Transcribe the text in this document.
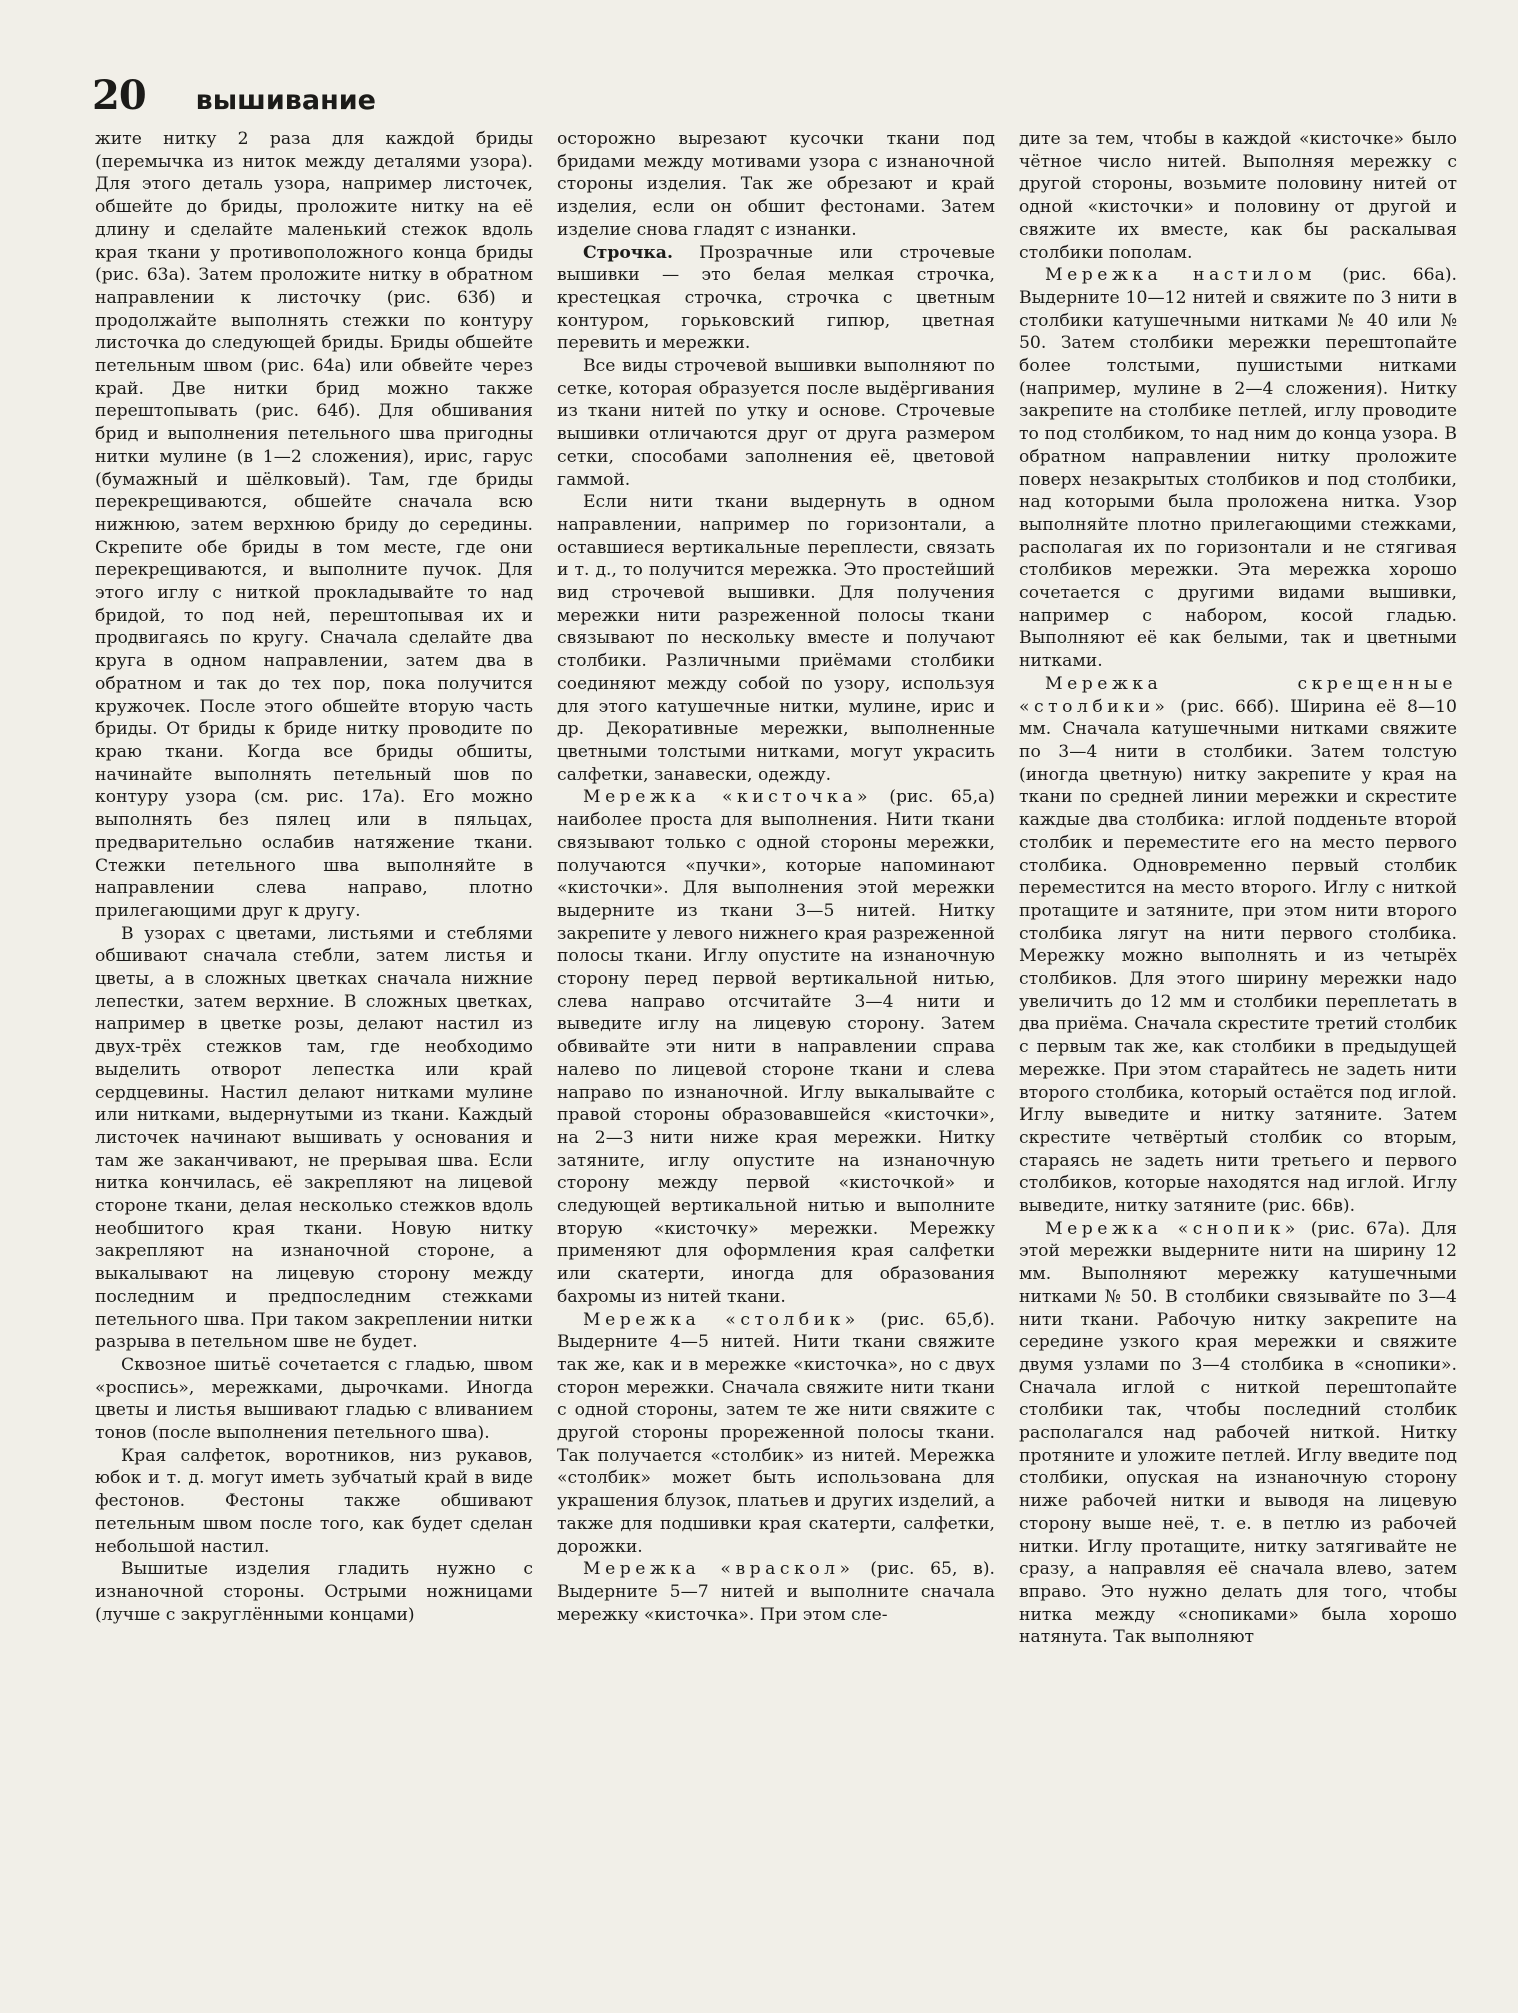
20 вышивание

жите нитку 2 раза для каждой бриды (перемычка из ниток между деталями узора). Для этого деталь узора, например листочек, обшейте до бриды, проложите нитку на её длину и сделайте маленький стежок вдоль края ткани у противоположного конца бриды (рис. 63а). Затем проложите нитку в обратном направлении к листочку (рис. 63б) и продолжайте выполнять стежки по контуру листочка до следующей бриды. Бриды обшейте петельным швом (рис. 64а) или обвейте через край. Две нитки брид можно также перештопывать (рис. 64б). Для обшивания брид и выполнения петельного шва пригодны нитки мулине (в 1—2 сложения), ирис, гарус (бумажный и шёлковый). Там, где бриды перекрещиваются, обшейте сначала всю нижнюю, затем верхнюю бриду до середины. Скрепите обе бриды в том месте, где они перекрещиваются, и выполните пучок. Для этого иглу с ниткой прокладывайте то над бридой, то под ней, перештопывая их и продвигаясь по кругу. Сначала сделайте два круга в одном направлении, затем два в обратном и так до тех пор, пока получится кружочек. После этого обшейте вторую часть бриды. От бриды к бриде нитку проводите по краю ткани. Когда все бриды обшиты, начинайте выполнять петельный шов по контуру узора (см. рис. 17а). Его можно выполнять без пялец или в пяльцах, предварительно ослабив натяжение ткани. Стежки петельного шва выполняйте в направлении слева направо, плотно прилегающими друг к другу.

В узорах с цветами, листьями и стеблями обшивают сначала стебли, затем листья и цветы, а в сложных цветках сначала нижние лепестки, затем верхние. В сложных цветках, например в цветке розы, делают настил из двух-трёх стежков там, где необходимо выделить отворот лепестка или край сердцевины. Настил делают нитками мулине или нитками, выдернутыми из ткани. Каждый листочек начинают вышивать у основания и там же заканчивают, не прерывая шва. Если нитка кончилась, её закрепляют на лицевой стороне ткани, делая несколько стежков вдоль необшитого края ткани. Новую нитку закрепляют на изнаночной стороне, а выкалывают на лицевую сторону между последним и предпоследним стежками петельного шва. При таком закреплении нитки разрыва в петельном шве не будет.

Сквозное шитьё сочетается с гладью, швом «роспись», мережками, дырочками. Иногда цветы и листья вышивают гладью с вливанием тонов (после выполнения петельного шва).

Края салфеток, воротников, низ рукавов, юбок и т. д. могут иметь зубчатый край в виде фестонов. Фестоны также обшивают петельным швом после того, как будет сделан небольшой настил.

Вышитые изделия гладить нужно с изнаночной стороны. Острыми ножницами (лучше с закруглёнными концами)

осторожно вырезают кусочки ткани под бридами между мотивами узора с изнаночной стороны изделия. Так же обрезают и край изделия, если он обшит фестонами. Затем изделие снова гладят с изнанки.

Строчка. Прозрачные или строчевые вышивки — это белая мелкая строчка, крестецкая строчка, строчка с цветным контуром, горьковский гипюр, цветная перевить и мережки.

Все виды строчевой вышивки выполняют по сетке, которая образуется после выдёргивания из ткани нитей по утку и основе. Строчевые вышивки отличаются друг от друга размером сетки, способами заполнения её, цветовой гаммой.

Если нити ткани выдернуть в одном направлении, например по горизонтали, а оставшиеся вертикальные переплести, связать и т. д., то получится мережка. Это простейший вид строчевой вышивки. Для получения мережки нити разреженной полосы ткани связывают по нескольку вместе и получают столбики. Различными приёмами столбики соединяют между собой по узору, используя для этого катушечные нитки, мулине, ирис и др. Декоративные мережки, выполненные цветными толстыми нитками, могут украсить салфетки, занавески, одежду.

Мережка «кисточка» (рис. 65,а) наиболее проста для выполнения. Нити ткани связывают только с одной стороны мережки, получаются «пучки», которые напоминают «кисточки». Для выполнения этой мережки выдерните из ткани 3—5 нитей. Нитку закрепите у левого нижнего края разреженной полосы ткани. Иглу опустите на изнаночную сторону перед первой вертикальной нитью, слева направо отсчитайте 3—4 нити и выведите иглу на лицевую сторону. Затем обвивайте эти нити в направлении справа налево по лицевой стороне ткани и слева направо по изнаночной. Иглу выкалывайте с правой стороны образовавшейся «кисточки», на 2—3 нити ниже края мережки. Нитку затяните, иглу опустите на изнаночную сторону между первой «кисточкой» и следующей вертикальной нитью и выполните вторую «кисточку» мережки. Мережку применяют для оформления края салфетки или скатерти, иногда для образования бахромы из нитей ткани.

Мережка «столбик» (рис. 65,б). Выдерните 4—5 нитей. Нити ткани свяжите так же, как и в мережке «кисточка», но с двух сторон мережки. Сначала свяжите нити ткани с одной стороны, затем те же нити свяжите с другой стороны прореженной полосы ткани. Так получается «столбик» из нитей. Мережка «столбик» может быть использована для украшения блузок, платьев и других изделий, а также для подшивки края скатерти, салфетки, дорожки.

Мережка «враскол» (рис. 65, в). Выдерните 5—7 нитей и выполните сначала мережку «кисточка». При этом сле-

дите за тем, чтобы в каждой «кисточке» было чётное число нитей. Выполняя мережку с другой стороны, возьмите половину нитей от одной «кисточки» и половину от другой и свяжите их вместе, как бы раскалывая столбики пополам.

Мережка настилом (рис. 66а). Выдерните 10—12 нитей и свяжите по 3 нити в столбики катушечными нитками № 40 или № 50. Затем столбики мережки перештопайте более толстыми, пушистыми нитками (например, мулине в 2—4 сложения). Нитку закрепите на столбике петлей, иглу проводите то под столбиком, то над ним до конца узора. В обратном направлении нитку проложите поверх незакрытых столбиков и под столбики, над которыми была проложена нитка. Узор выполняйте плотно прилегающими стежками, располагая их по горизонтали и не стягивая столбиков мережки. Эта мережка хорошо сочетается с другими видами вышивки, например с набором, косой гладью. Выполняют её как белыми, так и цветными нитками.

Мережка скрещенные «столбики» (рис. 66б). Ширина её 8—10 мм. Сначала катушечными нитками свяжите по 3—4 нити в столбики. Затем толстую (иногда цветную) нитку закрепите у края на ткани по средней линии мережки и скрестите каждые два столбика: иглой подденьте второй столбик и переместите его на место первого столбика. Одновременно первый столбик переместится на место второго. Иглу с ниткой протащите и затяните, при этом нити второго столбика лягут на нити первого столбика. Мережку можно выполнять и из четырёх столбиков. Для этого ширину мережки надо увеличить до 12 мм и столбики переплетать в два приёма. Сначала скрестите третий столбик с первым так же, как столбики в предыдущей мережке. При этом старайтесь не задеть нити второго столбика, который остаётся под иглой. Иглу выведите и нитку затяните. Затем скрестите четвёртый столбик со вторым, стараясь не задеть нити третьего и первого столбиков, которые находятся над иглой. Иглу выведите, нитку затяните (рис. 66в).

Мережка «снопик» (рис. 67а). Для этой мережки выдерните нити на ширину 12 мм. Выполняют мережку катушечными нитками № 50. В столбики связывайте по 3—4 нити ткани. Рабочую нитку закрепите на середине узкого края мережки и свяжите двумя узлами по 3—4 столбика в «снопики». Сначала иглой с ниткой перештопайте столбики так, чтобы последний столбик располагался над рабочей ниткой. Нитку протяните и уложите петлей. Иглу введите под столбики, опуская на изнаночную сторону ниже рабочей нитки и выводя на лицевую сторону выше неё, т. е. в петлю из рабочей нитки. Иглу протащите, нитку затягивайте не сразу, а направляя её сначала влево, затем вправо. Это нужно делать для того, чтобы нитка между «снопиками» была хорошо натянута. Так выполняют
